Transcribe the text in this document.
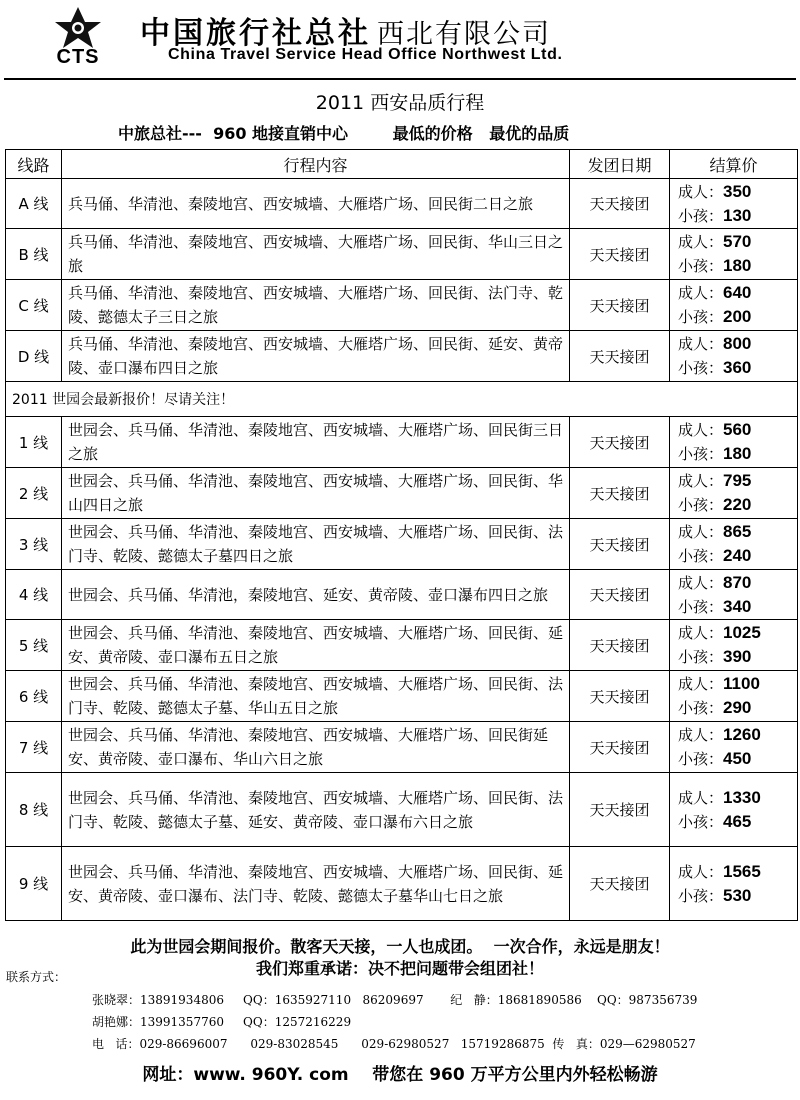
CTS
中国旅行社总社 西北有限公司
China Travel Service Head Office Northwest Ltd.
2011 西安品质行程
中旅总社---  960 地接直销中心        最低的价格   最优的品质
线路	行程内容	发团日期	结算价
A 线	兵马俑、华清池、秦陵地宫、西安城墙、大雁塔广场、回民街二日之旅	天天接团	成人：350
小孩：130

B 线	兵马俑、华清池、秦陵地宫、西安城墙、大雁塔广场、回民街、华山三日之旅	天天接团	成人：570
小孩：180

C 线	兵马俑、华清池、秦陵地宫、西安城墙、大雁塔广场、回民街、法门寺、乾陵、懿德太子三日之旅	天天接团	成人：640
小孩：200

D 线	兵马俑、华清池、秦陵地宫、西安城墙、大雁塔广场、回民街、延安、黄帝陵、壶口瀑布四日之旅	天天接团	成人：800
小孩：360

2011 世园会最新报价！尽请关注！			
1 线	世园会、兵马俑、华清池、秦陵地宫、西安城墙、大雁塔广场、回民街三日之旅	天天接团	成人：560
小孩：180

2 线	世园会、兵马俑、华清池、秦陵地宫、西安城墙、大雁塔广场、回民街、华山四日之旅	天天接团	成人：795
小孩：220

3 线	世园会、兵马俑、华清池、秦陵地宫、西安城墙、大雁塔广场、回民街、法门寺、乾陵、懿德太子墓四日之旅	天天接团	成人：865
小孩：240

4 线	世园会、兵马俑、华清池，秦陵地宫、延安、黄帝陵、壶口瀑布四日之旅	天天接团	成人：870
小孩：340

5 线	世园会、兵马俑、华清池、秦陵地宫、西安城墙、大雁塔广场、回民街、延安、黄帝陵、壶口瀑布五日之旅	天天接团	成人：1025
小孩：390

6 线	世园会、兵马俑、华清池、秦陵地宫、西安城墙、大雁塔广场、回民街、法门寺、乾陵、懿德太子墓、华山五日之旅	天天接团	成人：1100
小孩：290

7 线	世园会、兵马俑、华清池、秦陵地宫、西安城墙、大雁塔广场、回民街延安、黄帝陵、壶口瀑布、华山六日之旅	天天接团	成人：1260
小孩：450

8 线	世园会、兵马俑、华清池、秦陵地宫、西安城墙、大雁塔广场、回民街、法门寺、乾陵、懿德太子墓、延安、黄帝陵、壶口瀑布六日之旅	天天接团	成人：1330
小孩：465

9 线	世园会、兵马俑、华清池、秦陵地宫、西安城墙、大雁塔广场、回民街、延安、黄帝陵、壶口瀑布、法门寺、乾陵、懿德太子墓华山七日之旅	天天接团	成人：1565
小孩：530
此为世园会期间报价。散客天天接，一人也成团。  一次合作，永远是朋友！
我们郑重承诺：决不把问题带会组团社！
联系方式：
张晓翠：13891934806     QQ：1635927110   86209697       纪   静：18681890586    QQ：987356739
胡艳娜：13991357760     QQ：1257216229
电   话：029-86696007      029-83028545      029-62980527   15719286875  传   真：029—62980527
网址：www. 960Y. com    带您在 960 万平方公里内外轻松畅游
